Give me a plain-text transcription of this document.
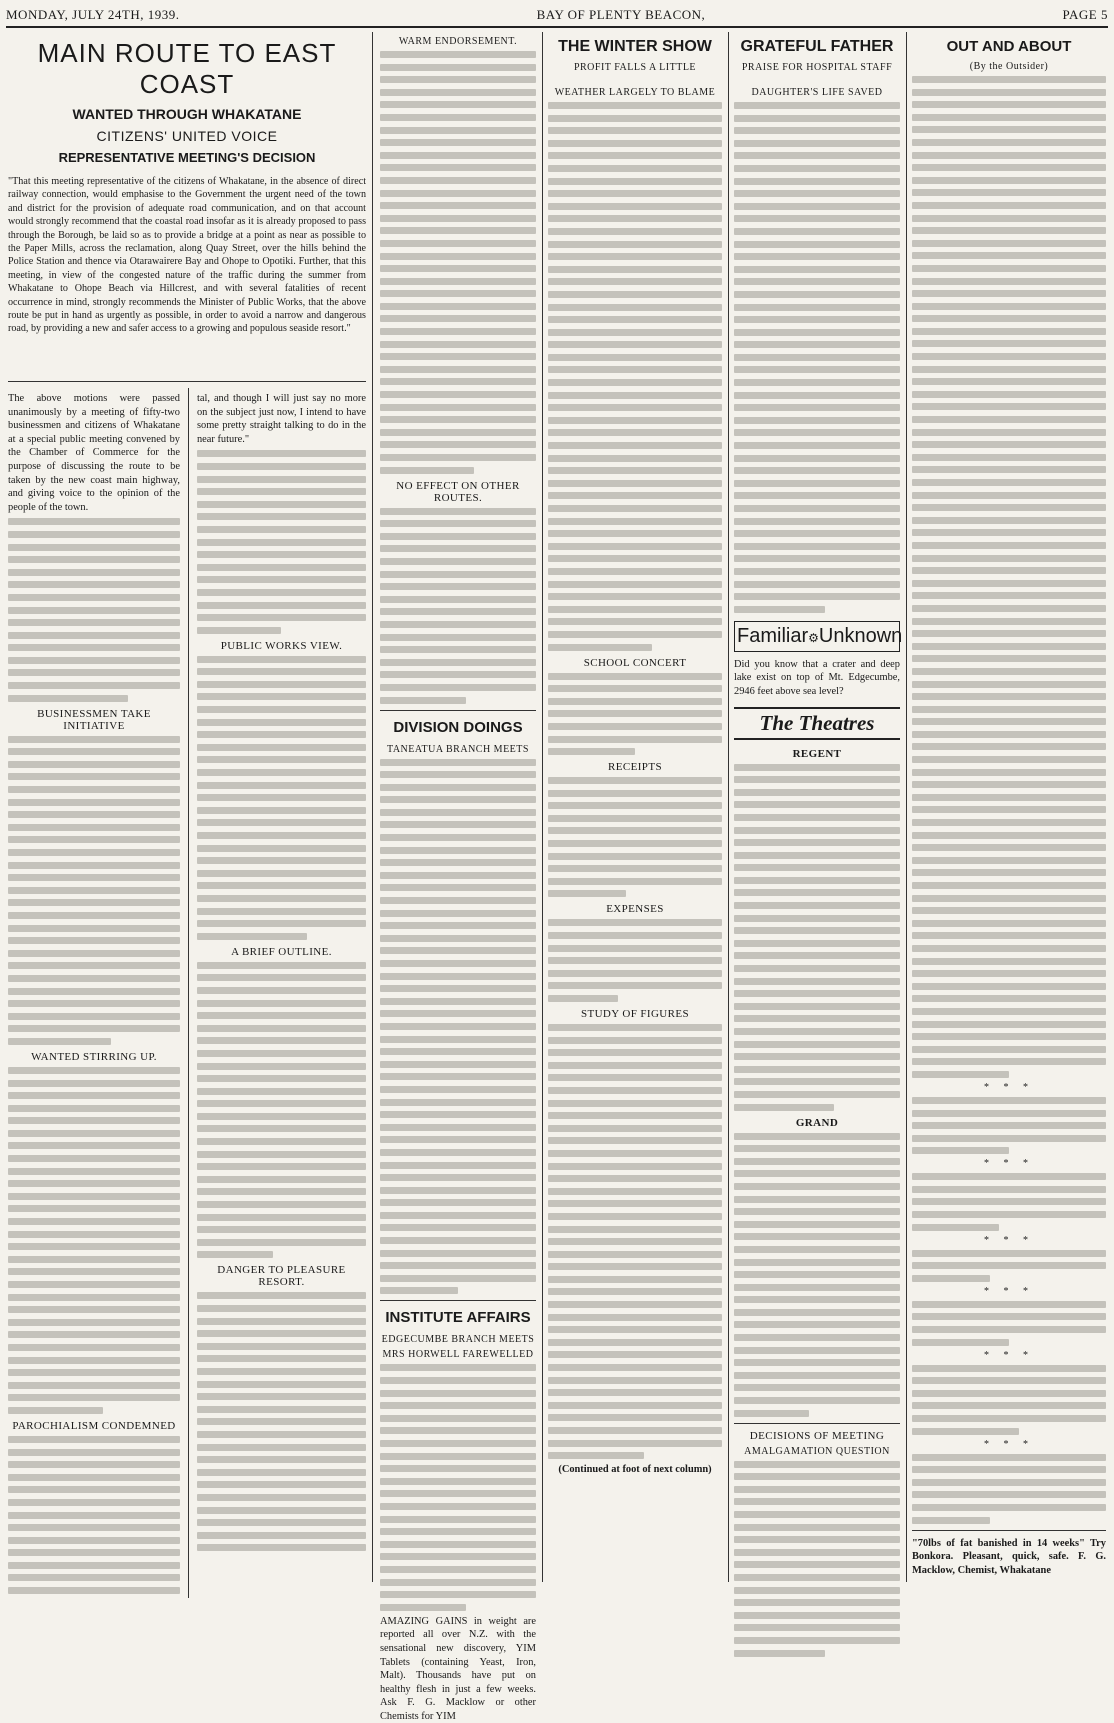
MONDAY, JULY 24TH, 1939.	BAY OF PLENTY BEACON,	PAGE 5
MAIN ROUTE TO EAST COAST
WANTED THROUGH WHAKATANE
CITIZENS' UNITED VOICE
REPRESENTATIVE MEETING'S DECISION
"That this meeting representative of the citizens of Whakatane, in the absence of direct railway connection, would emphasise to the Government the urgent need of the town and district for the provision of adequate road communication, and on that account would strongly recommend that the coastal road insofar as it is already proposed to pass through the Borough, be laid so as to provide a bridge at a point as near as possible to the Paper Mills, across the reclamation, along Quay Street, over the hills behind the Police Station and thence via Otarawairere Bay and Ohope to Opotiki. Further, that this meeting, in view of the congested nature of the traffic during the summer from Whakatane to Ohope Beach via Hillcrest, and with several fatalities of recent occurrence in mind, strongly recommends the Minister of Public Works, that the above route be put in hand as urgently as possible, in order to avoid a narrow and dangerous road, by providing a new and safer access to a growing and populous seaside resort."
The above motions were passed unanimously by a meeting of fifty-two businessmen and citizens of Whakatane at a special public meeting convened by the Chamber of Commerce for the purpose of discussing the route to be taken by the new coast main highway, and giving voice to the opinion of the people of the town.
BUSINESSMEN TAKE INITIATIVE
WANTED STIRRING UP.
PAROCHIALISM CONDEMNED
tal, and though I will just say no more on the subject just now, I intend to have some pretty straight talking to do in the near future."
PUBLIC WORKS VIEW.
A BRIEF OUTLINE.
DANGER TO PLEASURE RESORT.
WARM ENDORSEMENT.
NO EFFECT ON OTHER ROUTES.
DIVISION DOINGS
TANEATUA BRANCH MEETS
INSTITUTE AFFAIRS
EDGECUMBE BRANCH MEETS
MRS HORWELL FAREWELLED
AMAZING GAINS in weight are reported all over N.Z. with the sensational new discovery, YIM Tablets (containing Yeast, Iron, Malt). Thousands have put on healthy flesh in just a few weeks. Ask F. G. Macklow or other Chemists for YIM
THE WINTER SHOW
PROFIT FALLS A LITTLE
WEATHER LARGELY TO BLAME
SCHOOL CONCERT
RECEIPTS
EXPENSES
STUDY OF FIGURES
(Continued at foot of next column)
GRATEFUL FATHER
PRAISE FOR HOSPITAL STAFF
DAUGHTER'S LIFE SAVED
Familiar⚙Unknown
Did you know that a crater and deep lake exist on top of Mt. Edgecumbe, 2946 feet above sea level?
The Theatres
REGENT
GRAND
DECISIONS OF MEETING
AMALGAMATION QUESTION
OUT AND ABOUT
(By the Outsider)
* * *
* * *
* * *
* * *
* * *
* * *
"70lbs of fat banished in 14 weeks" Try Bonkora. Pleasant, quick, safe. F. G. Macklow, Chemist, Whakatane
